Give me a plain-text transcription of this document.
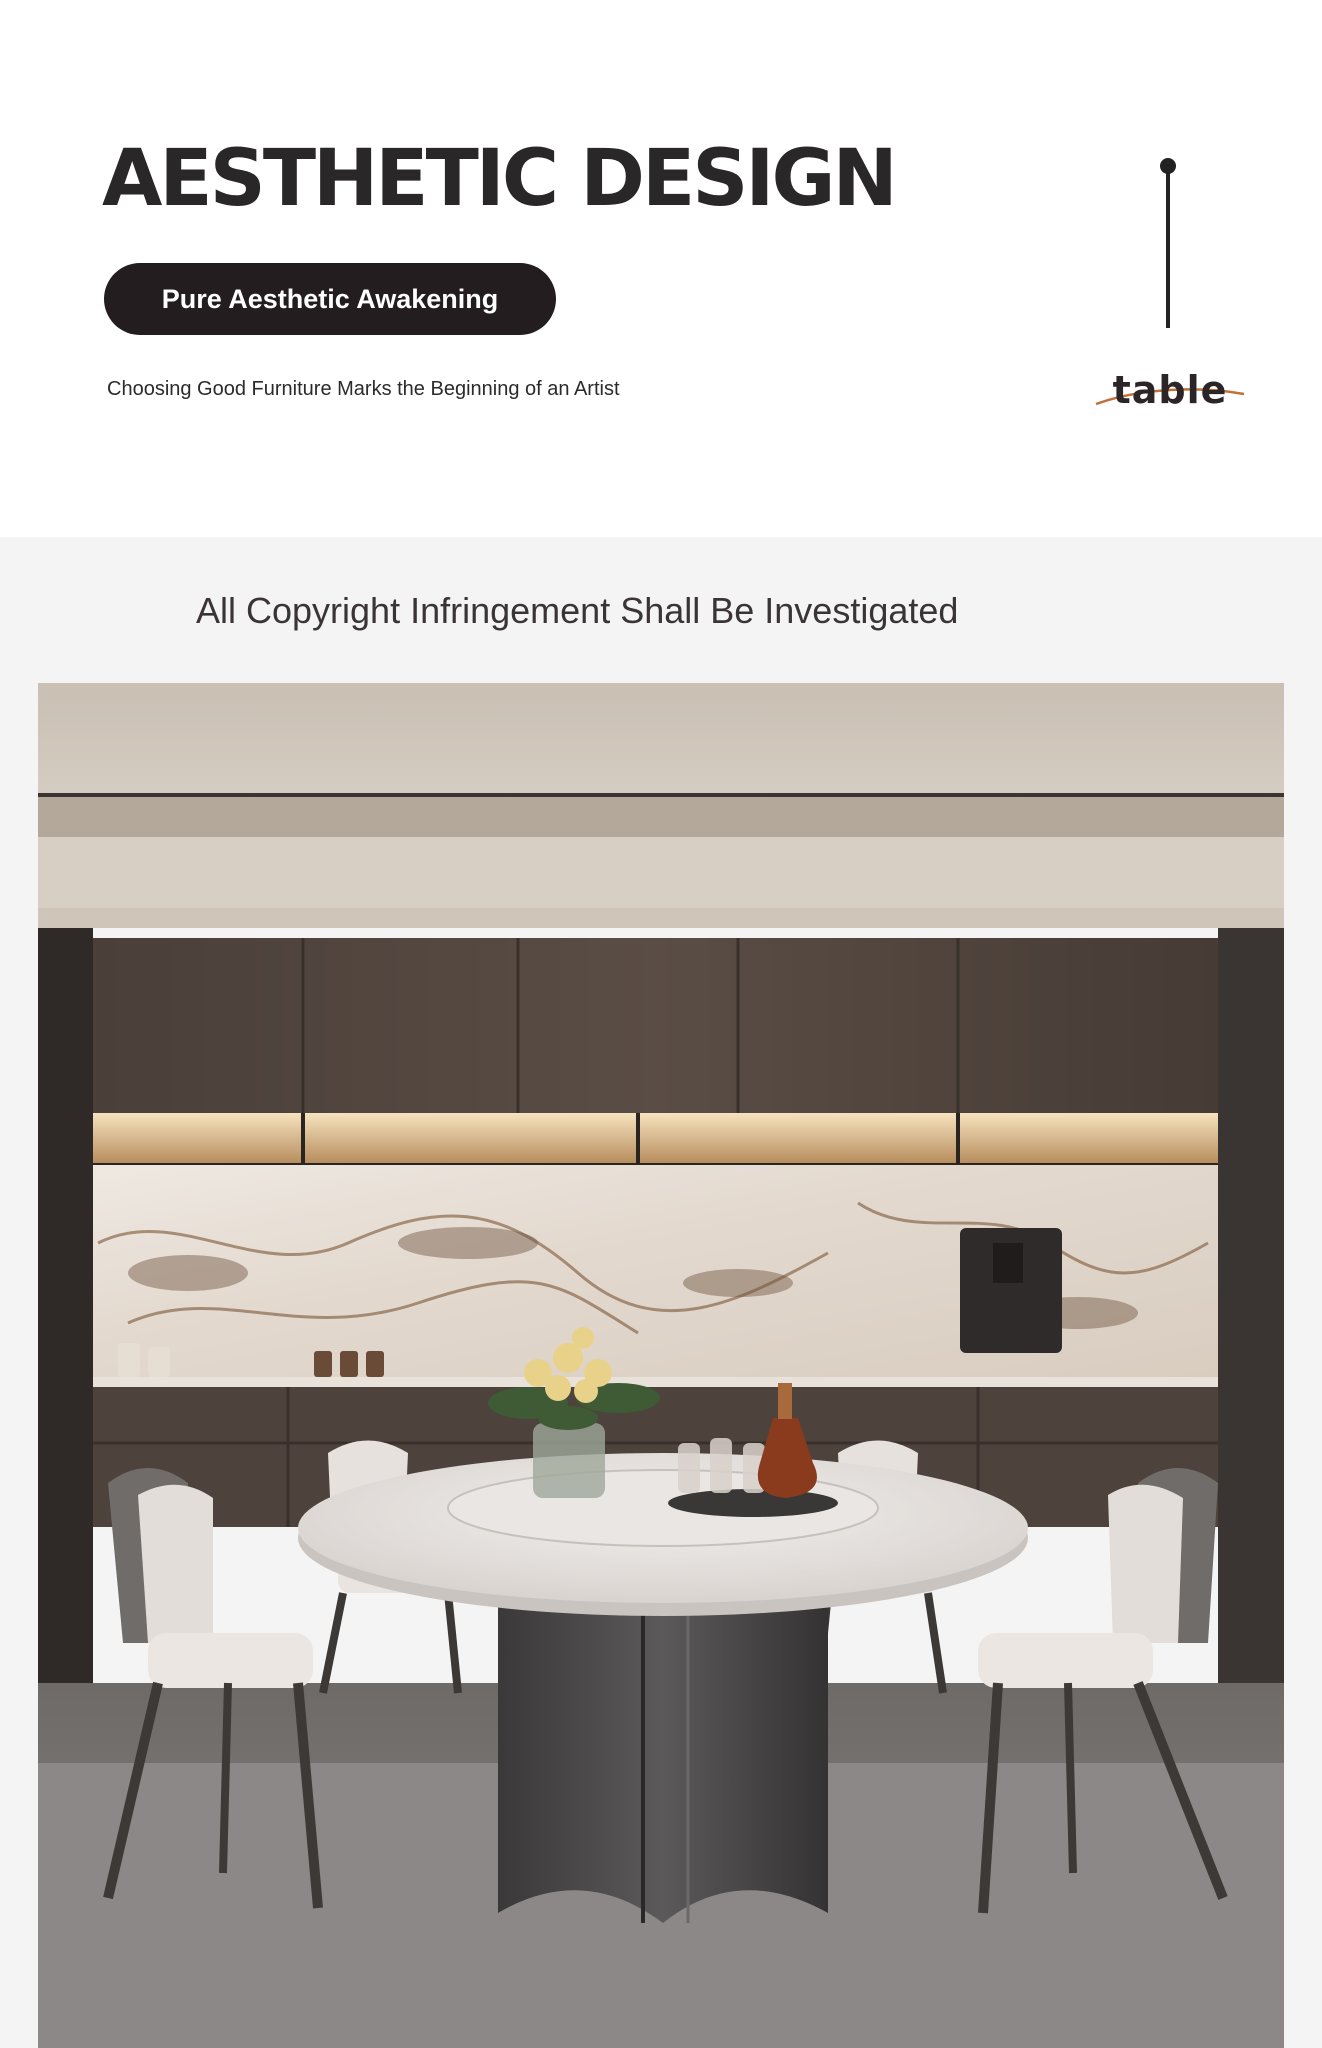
AESTHETIC DESIGN
Pure Aesthetic Awakening
Choosing Good Furniture Marks the Beginning of an Artist	table
All Copyright Infringement Shall Be Investigated
